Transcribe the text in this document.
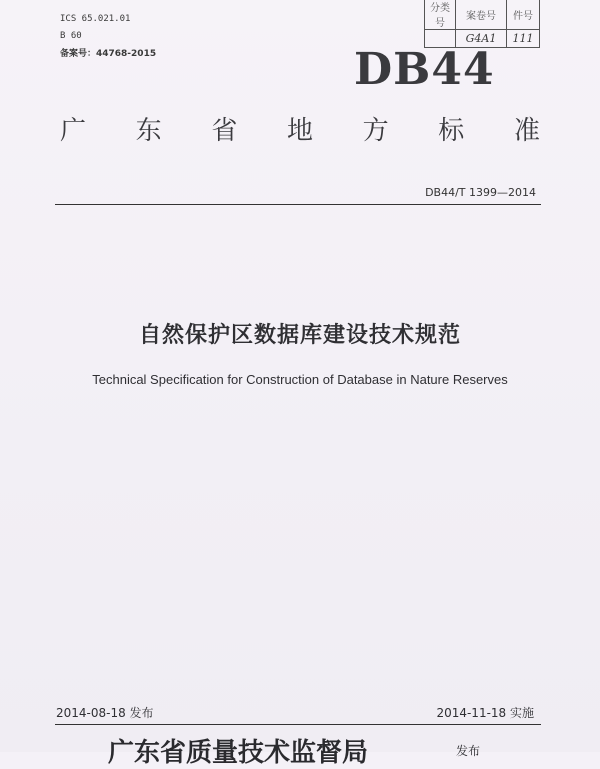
分类号	案卷号	件号
	G4A1	111
ICS 65.021.01
B 60
备案号：44768-2015	DB44
广 东 省 地 方 标 准
DB44/T 1399—2014
自然保护区数据库建设技术规范
Technical Specification for Construction of Database in Nature Reserves
2014-08-18 发布	2014-11-18 实施
广东省质量技术监督局	发布
